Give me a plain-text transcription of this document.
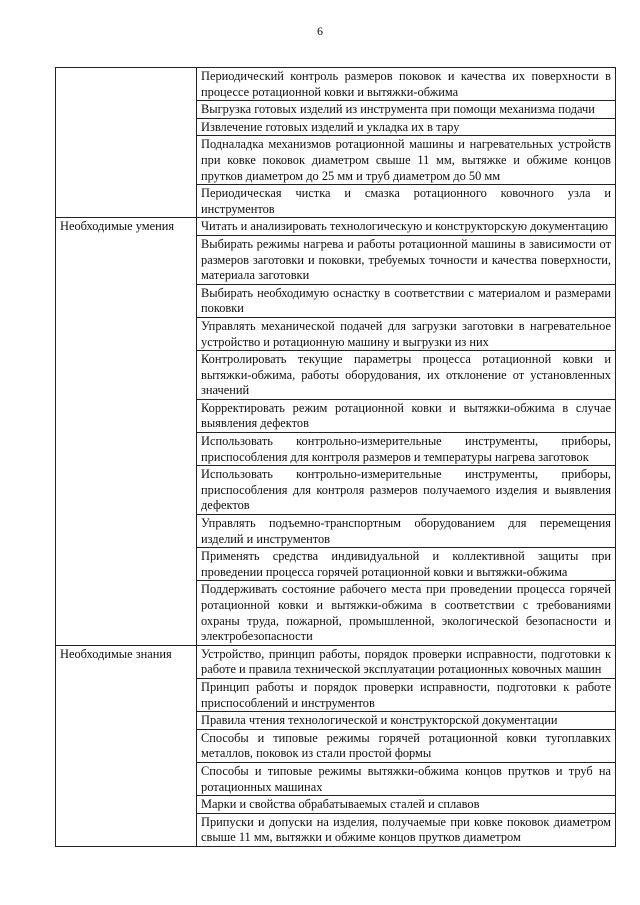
6
	Периодический контроль размеров поковок и качества их поверхности в процессе ротационной ковки и вытяжки-обжима
	Выгрузка готовых изделий из инструмента при помощи механизма подачи
	Извлечение готовых изделий и укладка их в тару
	Подналадка механизмов ротационной машины и нагревательных устройств при ковке поковок диаметром свыше 11 мм, вытяжке и обжиме концов прутков диаметром до 25 мм и труб диаметром до 50 мм
	Периодическая чистка и смазка ротационного ковочного узла и инструментов
Необходимые умения	Читать и анализировать технологическую и конструкторскую документацию
	Выбирать режимы нагрева и работы ротационной машины в зависимости от размеров заготовки и поковки, требуемых точности и качества поверхности, материала заготовки
	Выбирать необходимую оснастку в соответствии с материалом и размерами поковки
	Управлять механической подачей для загрузки заготовки в нагревательное устройство и ротационную машину и выгрузки из них
	Контролировать текущие параметры процесса ротационной ковки и вытяжки-обжима, работы оборудования, их отклонение от установленных значений
	Корректировать режим ротационной ковки и вытяжки-обжима в случае выявления дефектов
	Использовать контрольно-измерительные инструменты, приборы, приспособления для контроля размеров и температуры нагрева заготовок
	Использовать контрольно-измерительные инструменты, приборы, приспособления для контроля размеров получаемого изделия и выявления дефектов
	Управлять подъемно-транспортным оборудованием для перемещения изделий и инструментов
	Применять средства индивидуальной и коллективной защиты при проведении процесса горячей ротационной ковки и вытяжки-обжима
	Поддерживать состояние рабочего места при проведении процесса горячей ротационной ковки и вытяжки-обжима в соответствии с требованиями охраны труда, пожарной, промышленной, экологической безопасности и электробезопасности
Необходимые знания	Устройство, принцип работы, порядок проверки исправности, подготовки к работе и правила технической эксплуатации ротационных ковочных машин
	Принцип работы и порядок проверки исправности, подготовки к работе приспособлений и инструментов
	Правила чтения технологической и конструкторской документации
	Способы и типовые режимы горячей ротационной ковки тугоплавких металлов, поковок из стали простой формы
	Способы и типовые режимы вытяжки-обжима концов прутков и труб на ротационных машинах
	Марки и свойства обрабатываемых сталей и сплавов
	Припуски и допуски на изделия, получаемые при ковке поковок диаметром свыше 11 мм, вытяжки и обжиме концов прутков диаметром
